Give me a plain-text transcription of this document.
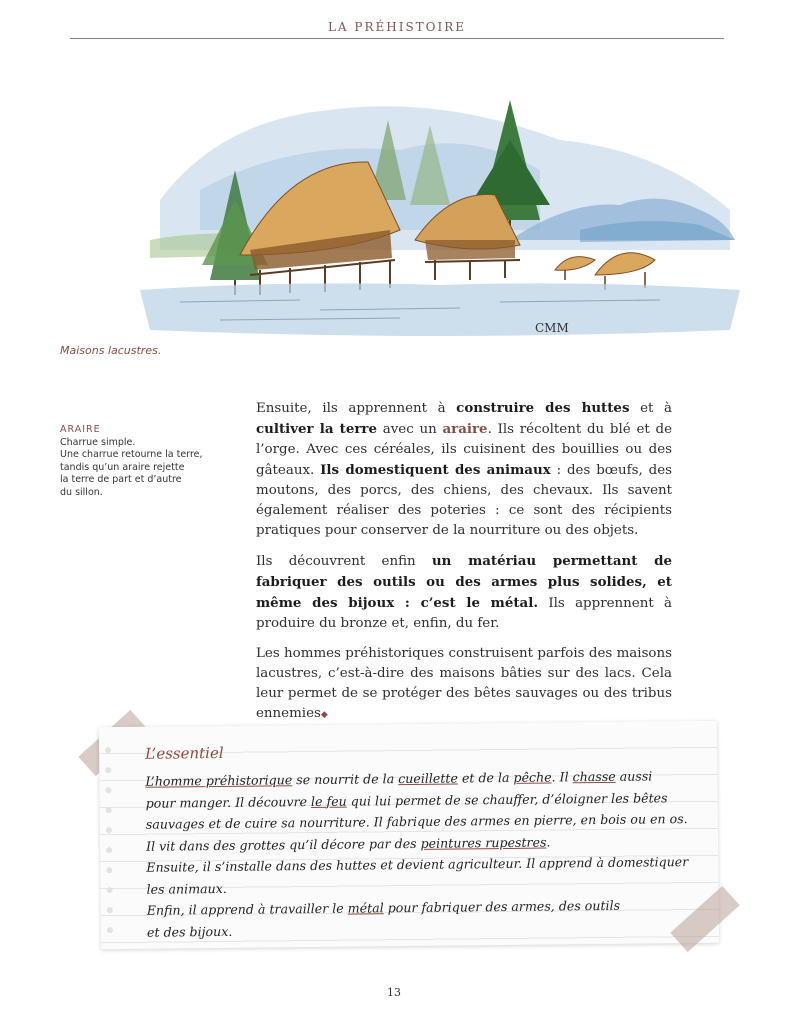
LA PRÉHISTOIRE
CMM
Maisons lacustres.
ARAIRE
Charrue simple.
Une charrue retourne la terre,
tandis qu’un araire rejette
la terre de part et d’autre
du sillon.

Ensuite, ils apprennent à construire des huttes et à cultiver la terre avec un araire. Ils récoltent du blé et de l’orge. Avec ces céréales, ils cuisinent des bouillies ou des gâteaux. Ils domestiquent des animaux : des bœufs, des moutons, des porcs, des chiens, des chevaux. Ils savent également réaliser des poteries : ce sont des récipients pratiques pour conserver de la nourriture ou des objets.

Ils découvrent enfin un matériau permettant de fabriquer des outils ou des armes plus solides, et même des bijoux : c’est le métal. Ils apprennent à produire du bronze et, enfin, du fer.

Les hommes préhistoriques construisent parfois des maisons lacustres, c’est-à-dire des maisons bâties sur des lacs. Cela leur permet de se protéger des bêtes sauvages ou des tribus ennemies◆

L’essentiel
L’homme préhistorique se nourrit de la cueillette et de la pêche. Il chasse aussi
pour manger. Il découvre le feu qui lui permet de se chauffer, d’éloigner les bêtes
sauvages et de cuire sa nourriture. Il fabrique des armes en pierre, en bois ou en os.
Il vit dans des grottes qu’il décore par des peintures rupestres.
Ensuite, il s’installe dans des huttes et devient agriculteur. Il apprend à domestiquer
les animaux.
Enfin, il apprend à travailler le métal pour fabriquer des armes, des outils
et des bijoux.
13
